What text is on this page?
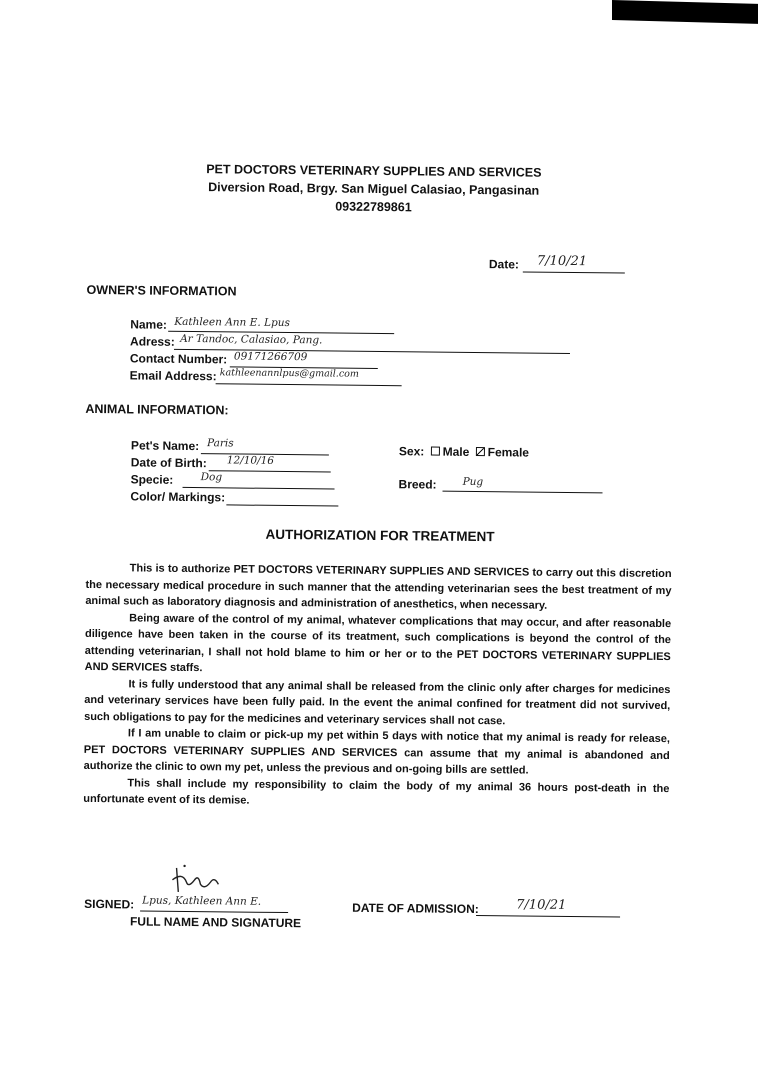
PET DOCTORS VETERINARY SUPPLIES AND SERVICES
Diversion Road, Brgy. San Miguel Calasiao, Pangasinan
09322789861
Date: 7/10/21
OWNER'S INFORMATION
Name: Kathleen Ann E. Lpus
Adress: Ar Tandoc, Calasiao, Pang.
Contact Number: 09171266709
Email Address: kathleenannlpus@gmail.com
ANIMAL INFORMATION:
Pet's Name: Paris
Date of Birth: 12/10/16
Specie:	Dog
Color/ Markings:
Sex: Male Female
Breed: Pug
AUTHORIZATION FOR TREATMENT

This is to authorize PET DOCTORS VETERINARY SUPPLIES AND SERVICES to carry out this discretion the necessary medical procedure in such manner that the attending veterinarian sees the best treatment of my animal such as laboratory diagnosis and administration of anesthetics, when necessary.

Being aware of the control of my animal, whatever complications that may occur, and after reasonable diligence have been taken in the course of its treatment, such complications is beyond the control of the attending veterinarian, I shall not hold blame to him or her or to the PET DOCTORS VETERINARY SUPPLIES AND SERVICES staffs.

It is fully understood that any animal shall be released from the clinic only after charges for medicines and veterinary services have been fully paid. In the event the animal confined for treatment did not survived, such obligations to pay for the medicines and veterinary services shall not case.

If I am unable to claim or pick-up my pet within 5 days with notice that my animal is ready for release, PET DOCTORS VETERINARY SUPPLIES AND SERVICES can assume that my animal is abandoned and authorize the clinic to own my pet, unless the previous and on-going bills are settled.

This shall include my responsibility to claim the body of my animal 36 hours post-death in the unfortunate event of its demise.

SIGNED: Lpus, Kathleen Ann E.
FULL NAME AND SIGNATURE
DATE OF ADMISSION:	7/10/21
